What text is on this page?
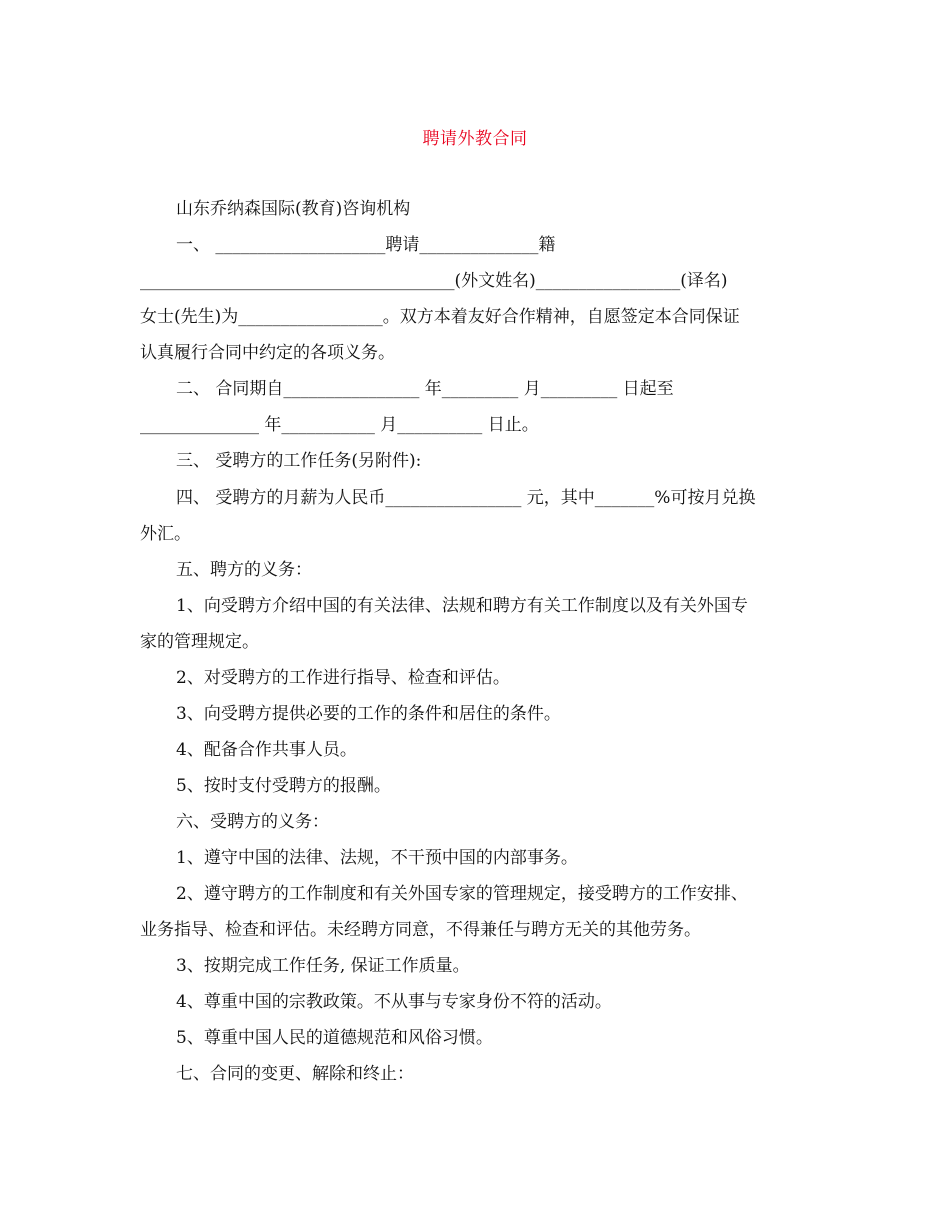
聘请外教合同
山东乔纳森国际(教育)咨询机构
一、 ____________________聘请______________籍
_____________________________________(外文姓名)_________________(译名)
女士(先生)为_________________。双方本着友好合作精神，自愿签定本合同保证
认真履行合同中约定的各项义务。
二、 合同期自________________ 年_________ 月_________ 日起至
______________ 年___________ 月__________ 日止。
三、 受聘方的工作任务(另附件):
四、 受聘方的月薪为人民币________________ 元，其中_______%可按月兑换
外汇。
五、聘方的义务：
1、向受聘方介绍中国的有关法律、法规和聘方有关工作制度以及有关外国专
家的管理规定。
2、对受聘方的工作进行指导、检查和评估。
3、向受聘方提供必要的工作的条件和居住的条件。
4、配备合作共事人员。
5、按时支付受聘方的报酬。
六、受聘方的义务：
1、遵守中国的法律、法规，不干预中国的内部事务。
2、遵守聘方的工作制度和有关外国专家的管理规定，接受聘方的工作安排、
业务指导、检查和评估。未经聘方同意，不得兼任与聘方无关的其他劳务。
3、按期完成工作任务, 保证工作质量。
4、尊重中国的宗教政策。不从事与专家身份不符的活动。
5、尊重中国人民的道德规范和风俗习惯。
七、合同的变更、解除和终止：
